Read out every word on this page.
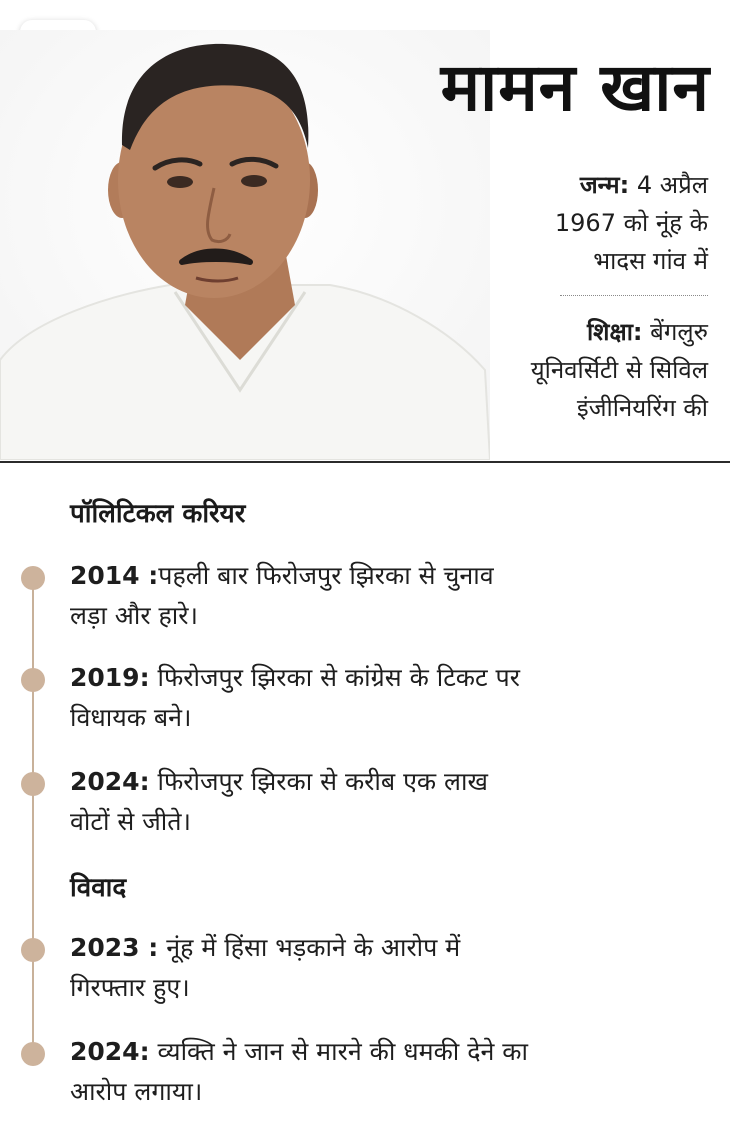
मामन खान
जन्म: 4 अप्रैल
1967 को नूंह के
भादस गांव में
शिक्षा: बेंगलुरु
यूनिवर्सिटी से सिविल
इंजीनियरिंग की
पॉलिटिकल करियर
2014 :पहली बार फिरोजपुर झिरका से चुनाव
लड़ा और हारे।
2019: फिरोजपुर झिरका से कांग्रेस के टिकट पर
विधायक बने।
2024: फिरोजपुर झिरका से करीब एक लाख
वोटों से जीते।
विवाद
2023 : नूंह में हिंसा भड़काने के आरोप में
गिरफ्तार हुए।
2024: व्यक्ति ने जान से मारने की धमकी देने का
आरोप लगाया।
